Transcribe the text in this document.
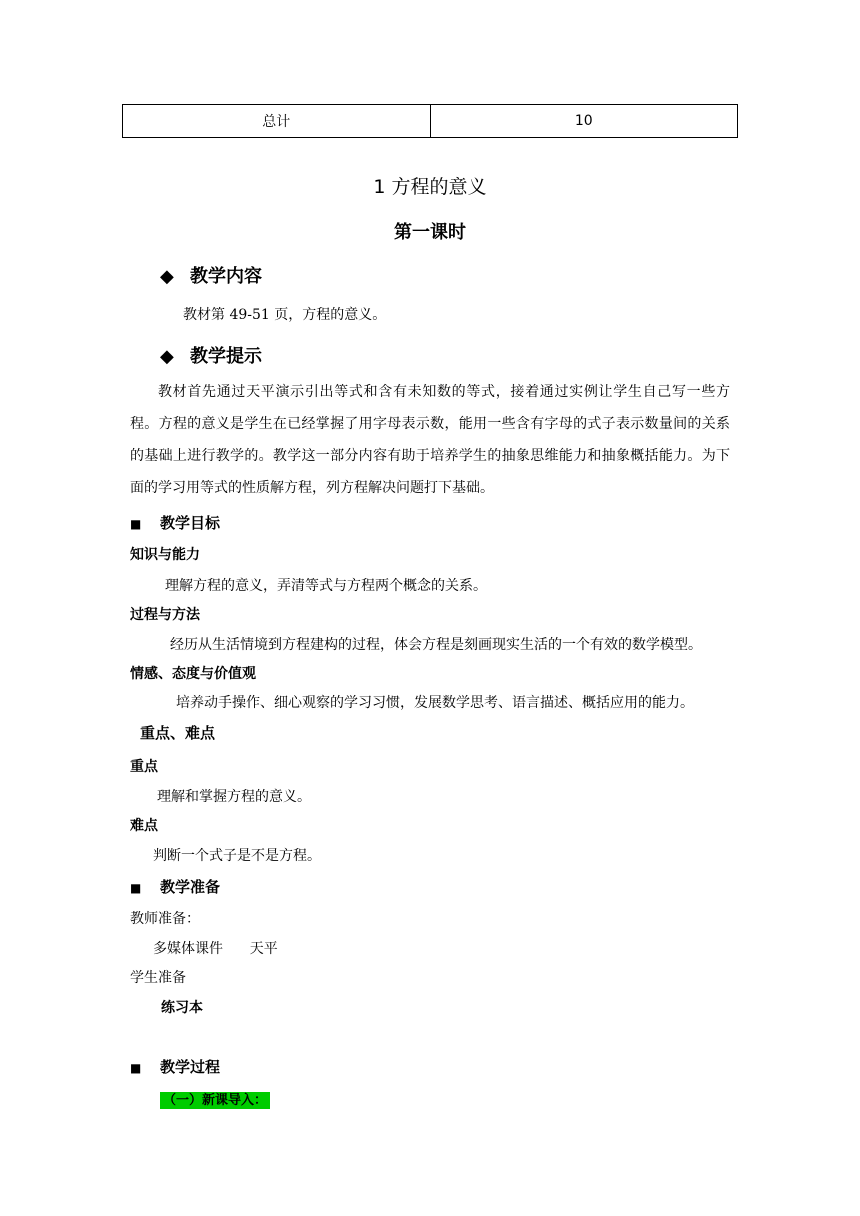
总计	10
1 方程的意义
第一课时
◆ 教学内容
教材第 49-51 页，方程的意义。
◆ 教学提示

教材首先通过天平演示引出等式和含有未知数的等式，接着通过实例让学生自己写一些方程。方程的意义是学生在已经掌握了用字母表示数，能用一些含有字母的式子表示数量间的关系的基础上进行教学的。教学这一部分内容有助于培养学生的抽象思维能力和抽象概括能力。为下面的学习用等式的性质解方程，列方程解决问题打下基础。

■ 教学目标
知识与能力
理解方程的意义，弄清等式与方程两个概念的关系。
过程与方法
经历从生活情境到方程建构的过程，体会方程是刻画现实生活的一个有效的数学模型。
情感、态度与价值观
培养动手操作、细心观察的学习习惯，发展数学思考、语言描述、概括应用的能力。
重点、难点
重点
理解和掌握方程的意义。
难点
判断一个式子是不是方程。
■ 教学准备
教师准备：
多媒体课件      天平
学生准备
练习本
■ 教学过程
（一）新课导入：
